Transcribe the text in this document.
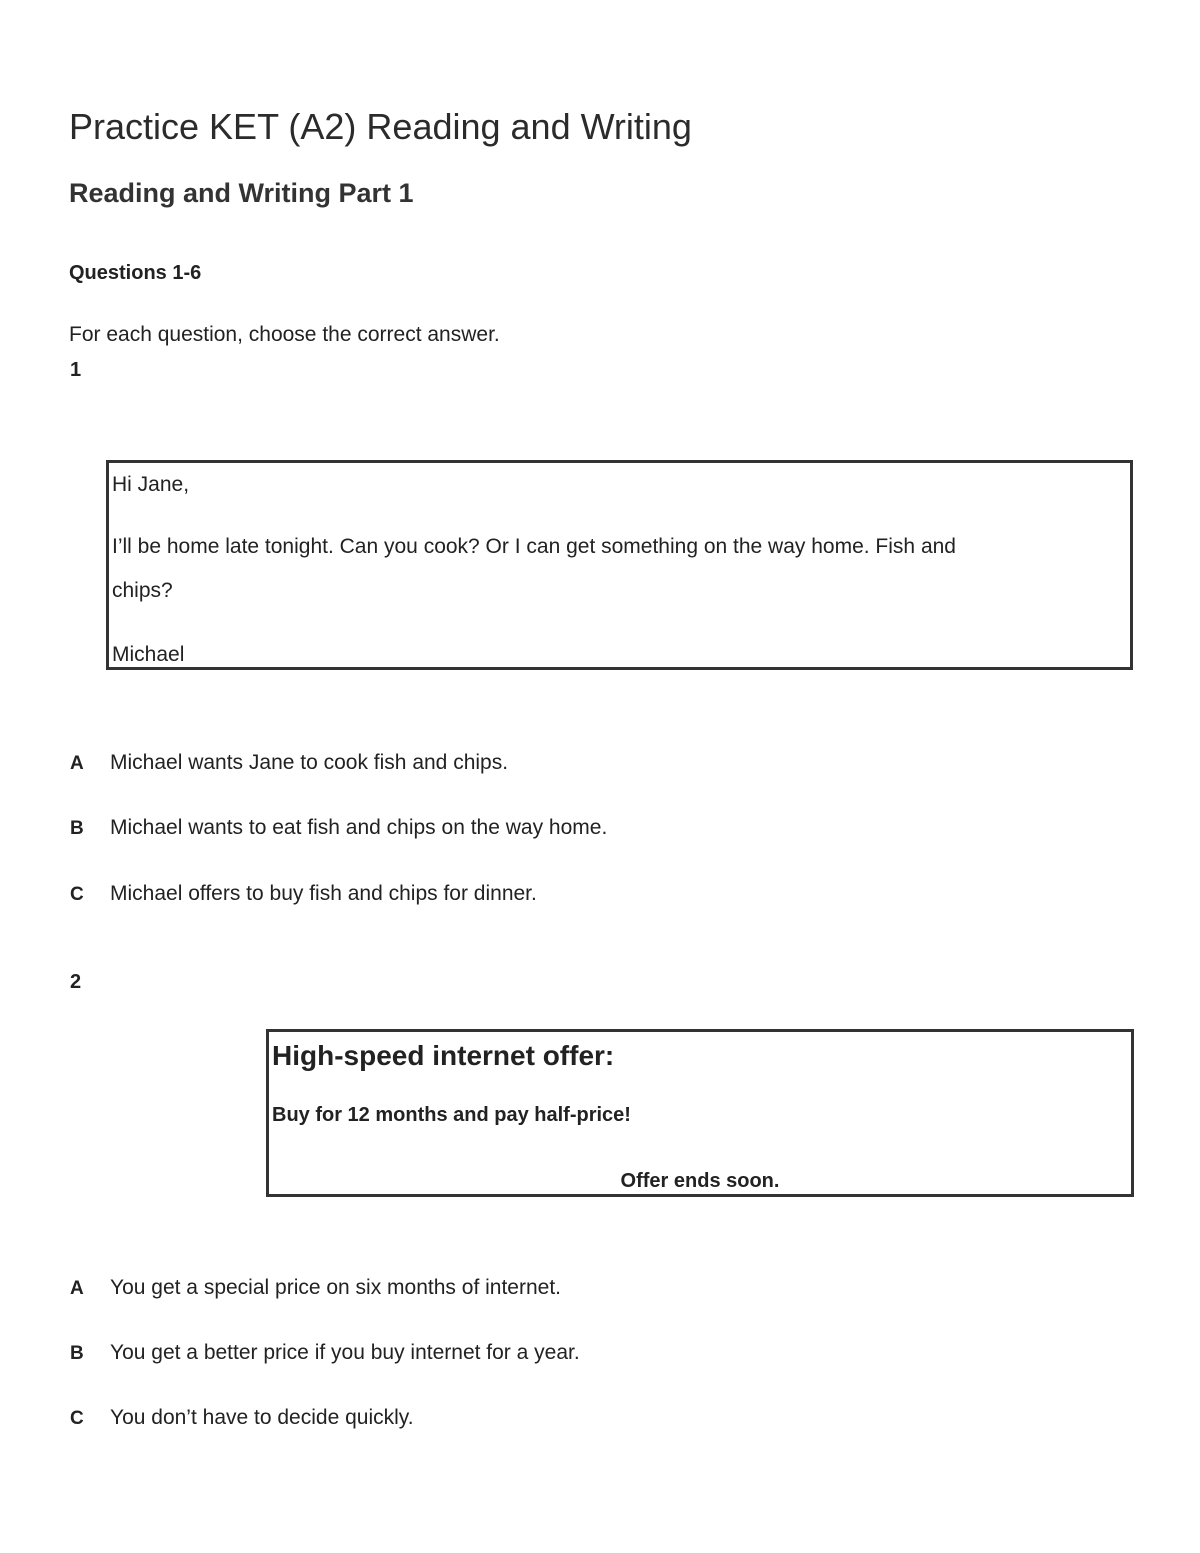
Practice KET (A2) Reading and Writing
Reading and Writing Part 1
Questions 1-6
For each question, choose the correct answer.
1

Hi Jane,

I’ll be home late tonight. Can you cook? Or I can get something on the way home. Fish and

chips?

Michael

A	Michael wants Jane to cook fish and chips.
B	Michael wants to eat fish and chips on the way home.
C	Michael offers to buy fish and chips for dinner.
2
High-speed internet offer:
Buy for 12 months and pay half-price!
Offer ends soon.
A	You get a special price on six months of internet.
B	You get a better price if you buy internet for a year.
C	You don’t have to decide quickly.
